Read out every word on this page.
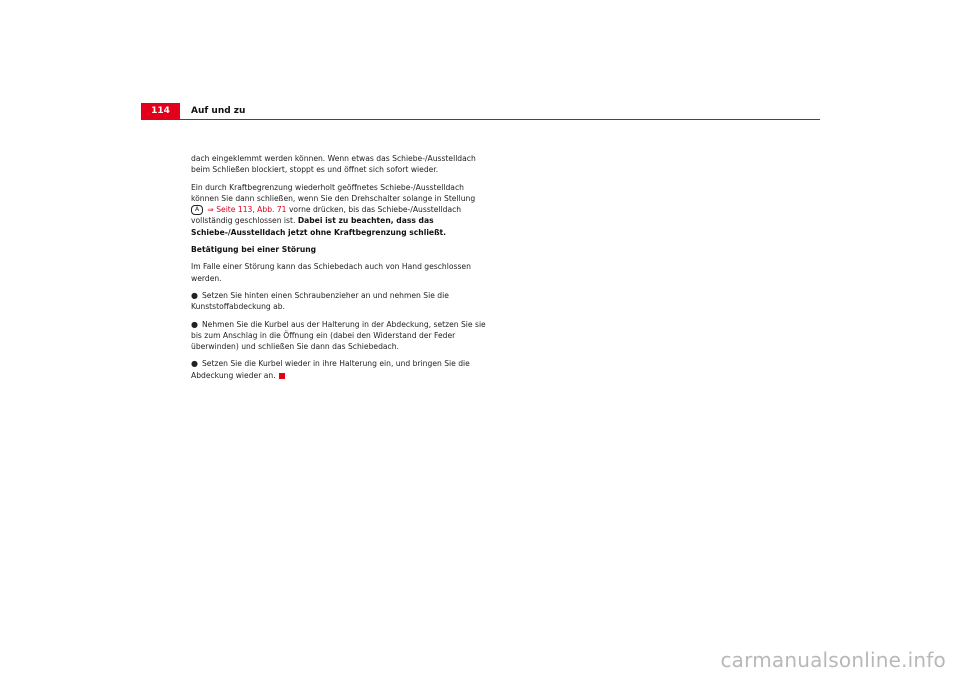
114	Auf und zu

dach eingeklemmt werden können. Wenn etwas das Schiebe-/Ausstelldach beim Schließen blockiert, stoppt es und öffnet sich sofort wieder.

Ein durch Kraftbegrenzung wiederholt geöffnetes Schiebe-/Ausstelldach können Sie dann schließen, wenn Sie den Drehschalter solange in Stellung
A ⇒ Seite 113, Abb. 71 vorne drücken, bis das Schiebe-/Ausstelldach vollständig geschlossen ist. Dabei ist zu beachten, dass das Schiebe-/Ausstelldach jetzt ohne Kraftbegrenzung schließt.

Betätigung bei einer Störung

Im Falle einer Störung kann das Schiebedach auch von Hand geschlossen werden.

● Setzen Sie hinten einen Schraubenzieher an und nehmen Sie die Kunststoffabdeckung ab.

● Nehmen Sie die Kurbel aus der Halterung in der Abdeckung, setzen Sie sie bis zum Anschlag in die Öffnung ein (dabei den Widerstand der Feder überwinden) und schließen Sie dann das Schiebedach.

● Setzen Sie die Kurbel wieder in ihre Halterung ein, und bringen Sie die Abdeckung wieder an.

carmanualsonline.info
